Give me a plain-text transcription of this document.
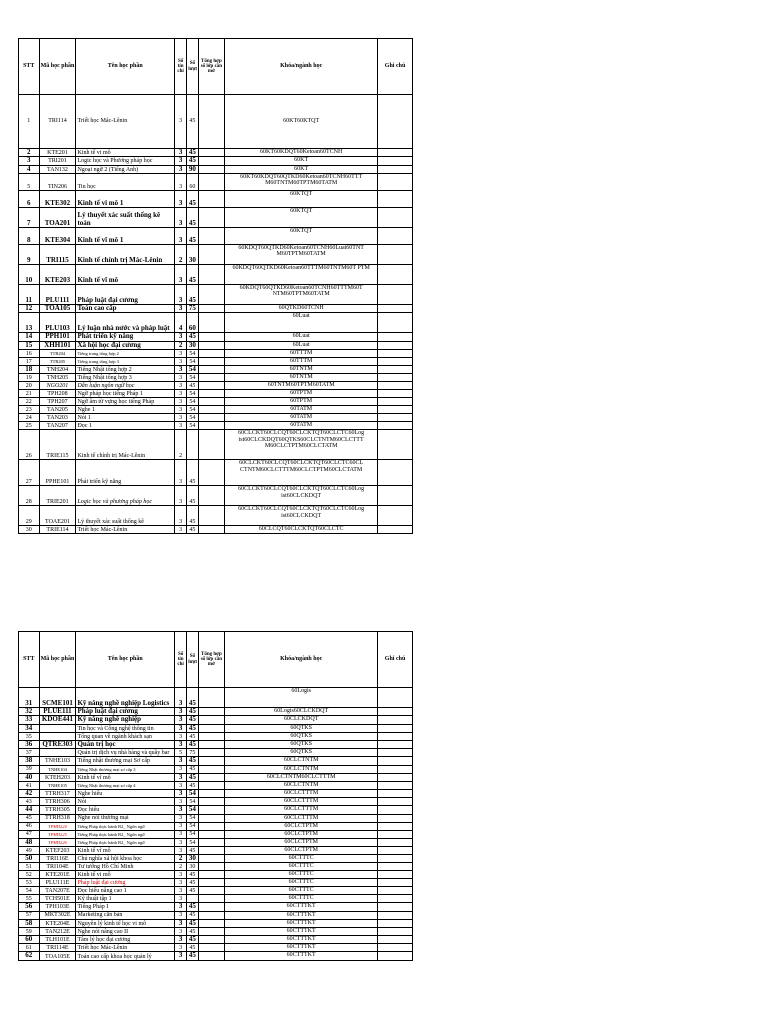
STT	Mã học phần	Tên học phần	Số tín chỉ	Số lượt	Tổng hợp số lớp cần mở	Khóa/ngành học	Ghi chú
1	TRI114	Triết học Mác-Lênin	3	45		60KT60KTQT	
2	KTE201	Kinh tế vi mô	3	45		60KT60KDQT60Ketoan60TCNH	
3	TRI201	Logic học và Phương pháp học	3	45		60KT	
4	TAN132	Ngoại ngữ 2 (Tiếng Anh)	3	90		60KT	
5	TIN206	Tin học	3	60		60KT60KDQT60QTKD60Ketoan60TCNH60TTT M60TNTM60TPTM60TATM	
6	KTE302	Kinh tế vi mô 1	3	45		60KTQT	
7	TOA201	Lý thuyết xác suất thống kê toán	3	45		60KTQT	
8	KTE304	Kinh tế vĩ mô 1	3	45		60KTQT	
9	TRI115	Kinh tế chính trị Mác-Lênin	2	30		60KDQT60QTKD60Ketoan60TCNH60Luat60TNT M60TPTM60TATM	
10	KTE203	Kinh tế vĩ mô	3	45		60KDQT60QTKD60Ketoan60TTTM60TNTM60T PTM	
11	PLU111	Pháp luật đại cương	3	45		60KDQT60QTKD60Ketoan60TCNH60TTTM60T NTM60TPTM60TATM	
12	TOA105	Toán cao cấp	3	75		60QTKD60TCNH	
13	PLU103	Lý luận nhà nước và pháp luật	4	60		60Luat	
14	PPH101	Phát triển kỹ năng	3	45		60Luat	
15	XHH101	Xã hội học đại cương	2	30		60Luat	
16	TTR204	Tiếng trung tổng hợp 2	3	54		60TTTM	
17	TTR205	Tiếng trung tổng hợp 3	3	54		60TTTM	
18	TNH204	Tiếng Nhật tổng hợp 2	3	54		60TNTM	
19	TNH205	Tiếng Nhật tổng hợp 3	3	54		60TNTM	
20	NGO201	Dẫn luận ngôn ngữ học	3	45		60TNTM60TPTM60TATM	
21	TPH208	Ngữ pháp học tiếng Pháp 1	3	54		60TPTM	
22	TPH207	Ngữ âm từ vựng học tiếng Pháp	3	54		60TPTM	
23	TAN205	Nghe 1	3	54		60TATM	
24	TAN203	Nói 1	3	54		60TATM	
25	TAN207	Đọc 1	3	54		60TATM	
26	TRIE115	Kinh tế chính trị Mác-Lênin	2			60CLCKT60CLCQT60CLCKTQT60CLCTC60Log ist60CLCKDQT60QTKS60CLCTNTM60CLCTTT M60CLCTPTM60CLCTATM	
27	PPHE101	Phát triển kỹ năng	3	45		60CLCKT60CLCQT60CLCKTQT60CLCTC60CL CTNTM60CLCTTTM60CLCTPTM60CLCTATM	
28	TRIE201	Logic học và phương pháp học	3	45		60CLCKT60CLCQT60CLCKTQT60CLCTC60Log ist60CLCKDQT	
29	TOAE201	Lý thuyết xác suất thống kê	3	45		60CLCKT60CLCQT60CLCKTQT60CLCTC60Log ist60CLCKDQT	
30	TRIE114	Triết học Mác-Lênin	3	45		60CLCQT60CLCKTQT60CLCTC	
STT	Mã học phần	Tên học phần	Số tín chỉ	Số lượt	Tổng hợp số lớp cần mở	Khóa/ngành học	Ghi chú
31	SCME101	Kỹ năng nghề nghiệp Logistics	3	45		60Logis	
32	PLUE111	Pháp luật đại cương	3	45		60Logis60CLCKDQT	
33	KDOE441	Kỹ năng nghề nghiệp	3	45		60CLCKDQT	
34		Tin học và Công nghệ thông tin	3	45		60QTKS	
35		Tổng quan về ngành khách sạn	3	45		60QTKS	
36	QTRE303	Quản trị học	3	45		60QTKS	
37		Quản trị dịch vụ nhà hàng và quầy bar	5	75		60QTKS	
38	TNHE103	Tiếng nhật thương mại Sơ cấp	3	45		60CLCTNTM	
39	TNHE104	Tiếng Nhật thương mại sơ cấp 3	3	45		60CLCTNTM	
40	KTEH203	Kinh tế vĩ mô	3	45		60CLCTNTM60CLCTTTM	
41	TNHE105	Tiếng Nhật thương mại sơ cấp 4	3	45		60CLCTNTM	
42	TTRH317	Nghe hiểu	3	54		60CLCTTTM	
43	TTRH306	Nói	3	54		60CLCTTTM	
44	TTRH305	Đọc hiểu	3	54		60CLCTTTM	
45	TTRH318	Nghe nói thương mại	3	54		60CLCTTTM	
46	TPHH224	Tiếng Pháp thực hành B2_ Ngôn ngữ	3	54		60CLCTPTM	
47	TPHH225	Tiếng Pháp thực hành B2_ Ngôn ngữ	3	54		60CLCTPTM	
48	TPHH226	Tiếng Pháp thực hành B2_ Ngôn ngữ	3	54		60CLCTPTM	
49	KTEF203	Kinh tế vĩ mô	3	45		60CLCTPTM	
50	TRI116E	Chủ nghĩa xã hội khoa học	2	30		60CTTTC	
51	TRI104E	Tư tưởng Hồ Chí Minh	2	30		60CTTTC	
52	KTE201E	Kinh tế vi mô	3	45		60CTTTC	
53	PLU111E	Pháp luật đại cương	3	45		60CTTTC	
54	TAN207E	Đọc hiểu nâng cao 1	3	45		60CTTTC	
55	TCH501E	Kỹ thuật tập 1	3			60CTTTC	
56	TPH103E	Tiếng Pháp I	3	45		60CTTTKT	
57	MKT302E	Marketing căn bản	3	45		60CTTTKT	
58	KTE204E	Nguyên lý kinh tế học vi mô	3	45		60CTTTKT	
59	TAN212E	Nghe nói nâng cao II	3	45		60CTTTKT	
60	TLH101E	Tâm lý học đại cương	3	45		60CTTTKT	
61	TRI114E	Triết học Mác-Lênin	3	45		60CTTTKT	
62	TOA105E	Toán cao cấp khoa học quản lý	3	45		60CTTTKT	
